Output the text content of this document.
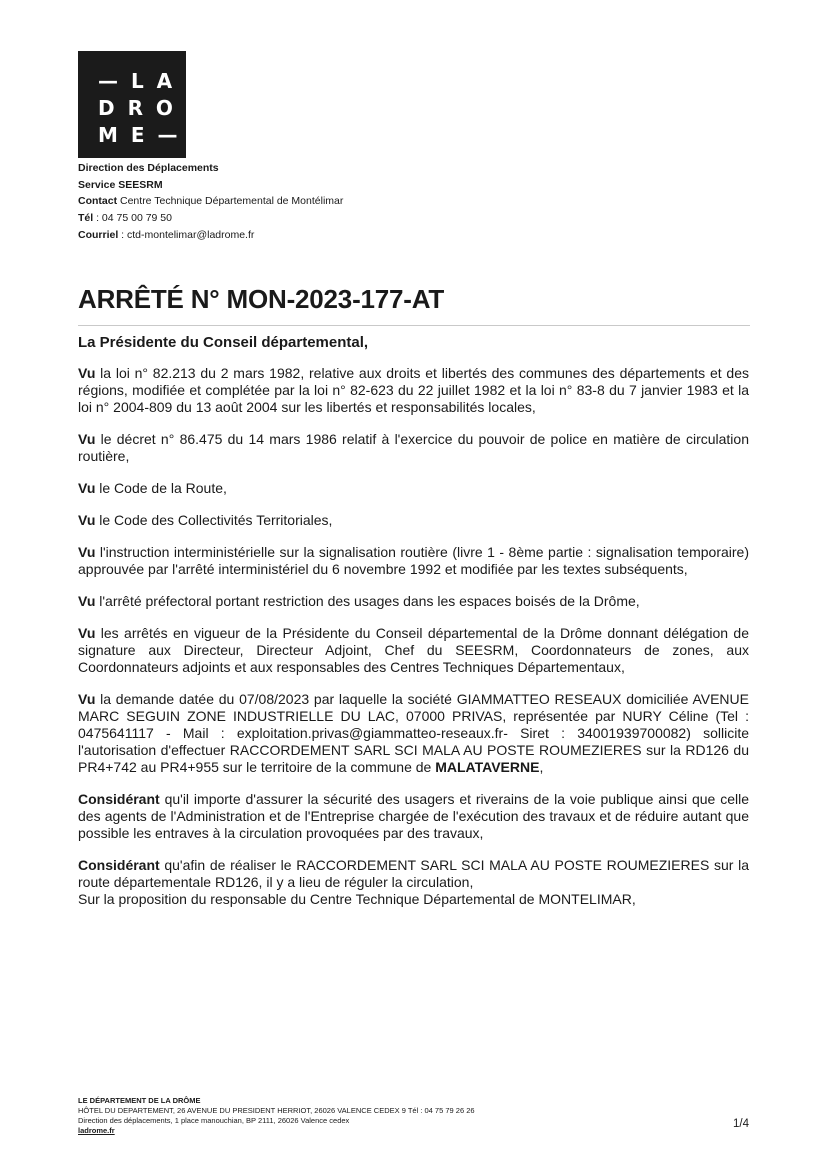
— L A
D R O
M E —
Direction des Déplacements
Service SEESRM
Contact Centre Technique Départemental de Montélimar
Tél : 04 75 00 79 50
Courriel : ctd-montelimar@ladrome.fr
ARRÊTÉ N° MON-2023-177-AT
La Présidente du Conseil départemental,

Vu la loi n° 82.213 du 2 mars 1982, relative aux droits et libertés des communes des départements et des régions, modifiée et complétée par la loi n° 82-623 du 22 juillet 1982 et la loi n° 83-8 du 7 janvier 1983 et la loi n° 2004-809 du 13 août 2004 sur les libertés et responsabilités locales,

Vu le décret n° 86.475 du 14 mars 1986 relatif à l'exercice du pouvoir de police en matière de circulation routière,

Vu le Code de la Route,

Vu le Code des Collectivités Territoriales,

Vu l'instruction interministérielle sur la signalisation routière (livre 1 - 8ème partie : signalisation temporaire) approuvée par l'arrêté interministériel du 6 novembre 1992 et modifiée par les textes subséquents,

Vu l'arrêté préfectoral portant restriction des usages dans les espaces boisés de la Drôme,

Vu les arrêtés en vigueur de la Présidente du Conseil départemental de la Drôme donnant délégation de signature aux Directeur, Directeur Adjoint, Chef du SEESRM, Coordonnateurs de zones, aux Coordonnateurs adjoints et aux responsables des Centres Techniques Départementaux,

Vu la demande datée du 07/08/2023 par laquelle la société GIAMMATTEO RESEAUX domiciliée AVENUE MARC SEGUIN ZONE INDUSTRIELLE DU LAC, 07000 PRIVAS, représentée par NURY Céline (Tel : 0475641117 - Mail : exploitation.privas@giammatteo-reseaux.fr- Siret : 34001939700082) sollicite l'autorisation d'effectuer RACCORDEMENT SARL SCI MALA AU POSTE ROUMEZIERES sur la RD126 du PR4+742 au PR4+955 sur le territoire de la commune de MALATAVERNE,

Considérant qu'il importe d'assurer la sécurité des usagers et riverains de la voie publique ainsi que celle des agents de l'Administration et de l'Entreprise chargée de l'exécution des travaux et de réduire autant que possible les entraves à la circulation provoquées par des travaux,

Considérant qu'afin de réaliser le RACCORDEMENT SARL SCI MALA AU POSTE ROUMEZIERES sur la route départementale RD126, il y a lieu de réguler la circulation,

Sur la proposition du responsable du Centre Technique Départemental de MONTELIMAR,

LE DÉPARTEMENT DE LA DRÔME
HÔTEL DU DEPARTEMENT, 26 AVENUE DU PRESIDENT HERRIOT, 26026 VALENCE CEDEX 9 Tél : 04 75 79 26 26
Direction des déplacements, 1 place manouchian, BP 2111, 26026 Valence cedex
ladrome.fr
1/4
